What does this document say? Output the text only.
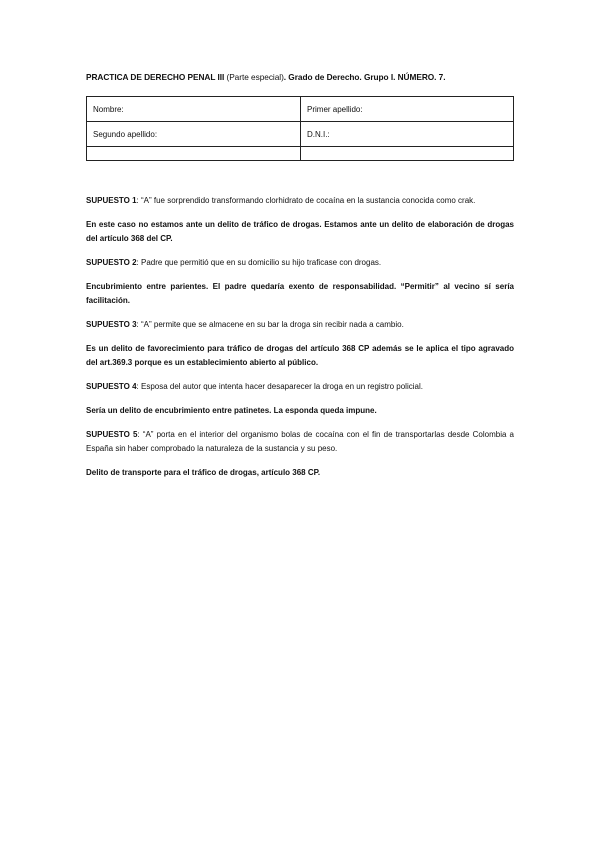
PRACTICA DE DERECHO PENAL III (Parte especial). Grado de Derecho. Grupo I. NÚMERO. 7.
Nombre:	Primer apellido:
Segundo apellido:	D.N.I.:

SUPUESTO 1: “A” fue sorprendido transformando clorhidrato de cocaína en la sustancia conocida como crak.

En este caso no estamos ante un delito de tráfico de drogas. Estamos ante un delito de elaboración de drogas del artículo 368 del CP.

SUPUESTO 2: Padre que permitió que en su domicilio su hijo traficase con drogas.

Encubrimiento entre parientes. El padre quedaría exento de responsabilidad. “Permitir” al vecino sí sería facilitación.

SUPUESTO 3: “A” permite que se almacene en su bar la droga sin recibir nada a cambio.

Es un delito de favorecimiento para tráfico de drogas del artículo 368 CP además se le aplica el tipo agravado del art.369.3 porque es un establecimiento abierto al público.

SUPUESTO 4: Esposa del autor que intenta hacer desaparecer la droga en un registro policial.

Sería un delito de encubrimiento entre patinetes. La esponda queda impune.

SUPUESTO 5: “A” porta en el interior del organismo bolas de cocaína con el fin de transportarlas desde Colombia a España sin haber comprobado la naturaleza de la sustancia y su peso.

Delito de transporte para el tráfico de drogas, artículo 368 CP.
